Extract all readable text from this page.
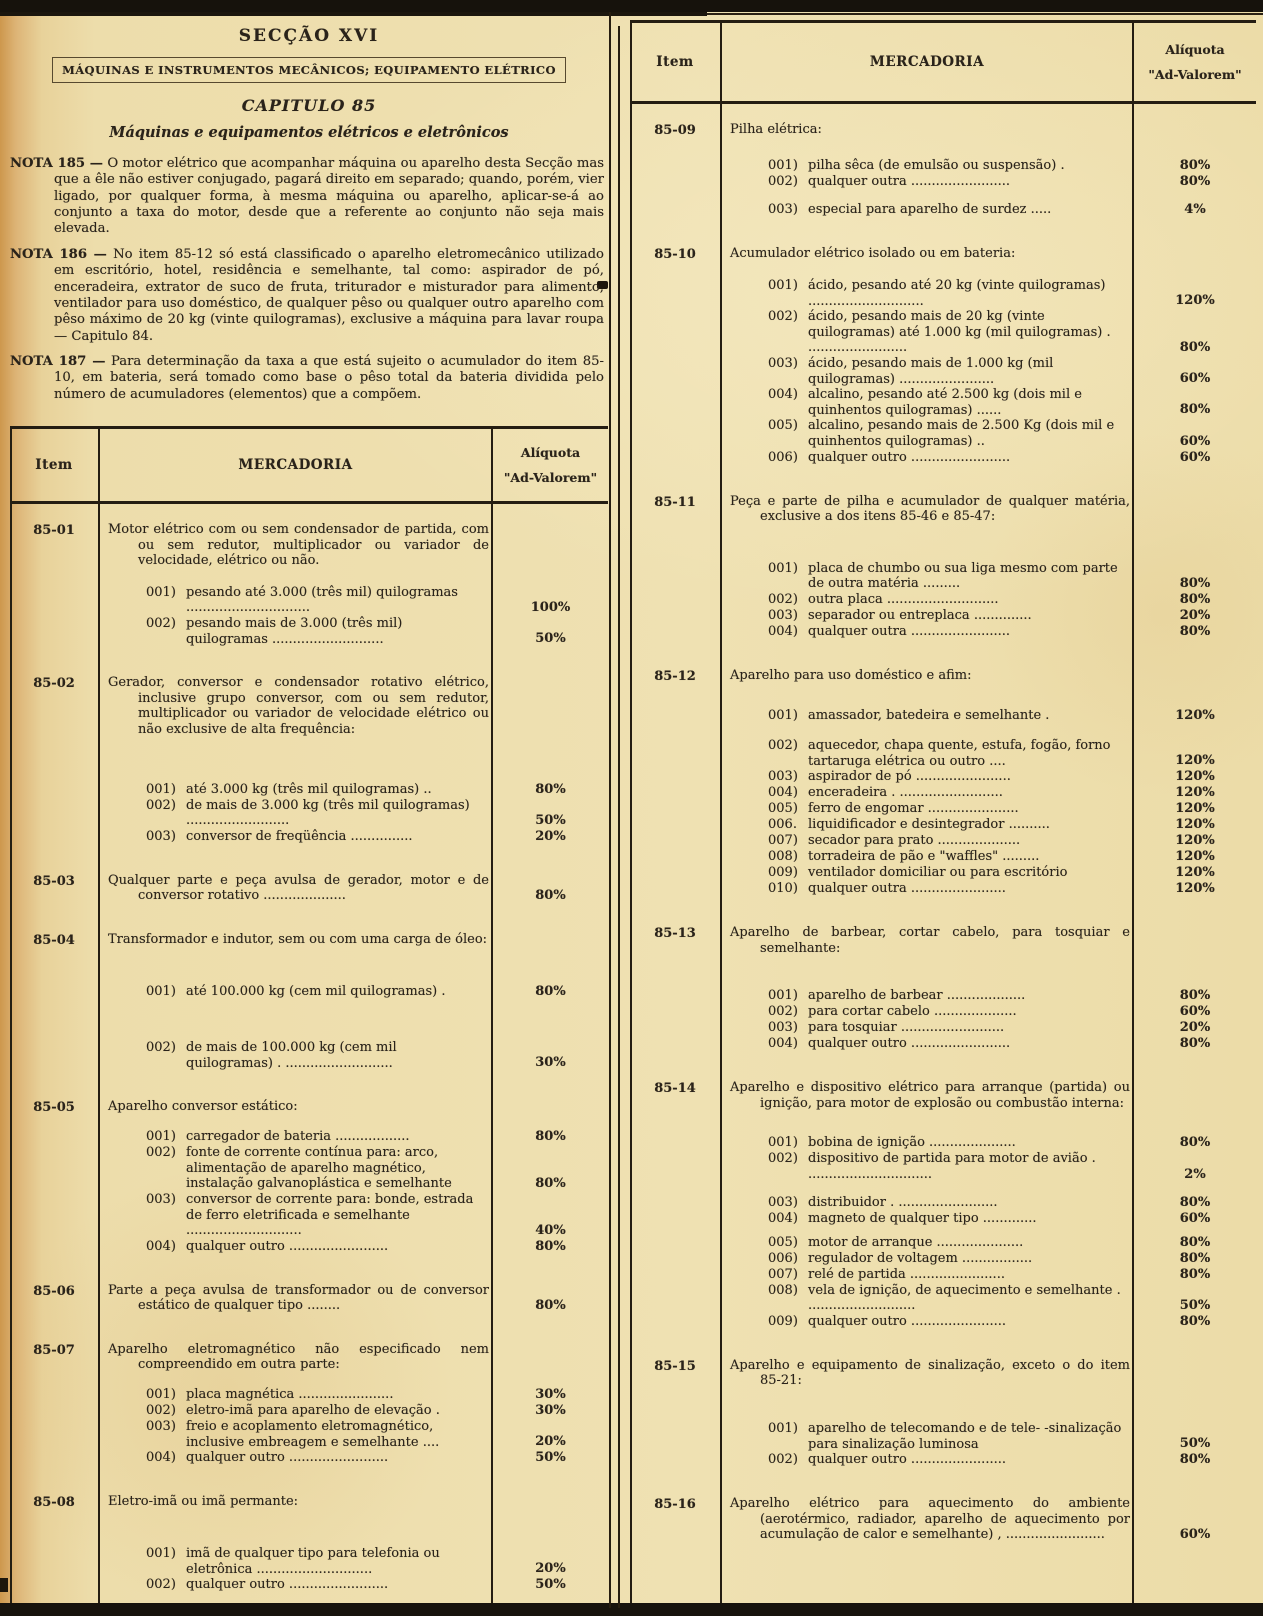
SECÇÃO XVI
MÁQUINAS E INSTRUMENTOS MECÂNICOS; EQUIPAMENTO ELÉTRICO
CAPITULO 85
Máquinas e equipamentos elétricos e eletrônicos

NOTA 185 — O motor elétrico que acompanhar máquina ou aparelho desta Secção mas que a êle não estiver conjugado, pagará direito em separado; quando, porém, vier ligado, por qualquer forma, à mesma máquina ou aparelho, aplicar-se-á ao conjunto a taxa do motor, desde que a referente ao conjunto não seja mais elevada.

NOTA 186 — No item 85-12 só está classificado o aparelho eletromecânico utilizado em escritório, hotel, residência e semelhante, tal como: aspirador de pó, enceradeira, extrator de suco de fruta, triturador e misturador para alimento, ventilador para uso doméstico, de qualquer pêso ou qualquer outro aparelho com pêso máximo de 20 kg (vinte quilogramas), exclusive a máquina para lavar roupa — Capitulo 84.

NOTA 187 — Para determinação da taxa a que está sujeito o acumulador do item 85-10, em bateria, será tomado como base o pêso total da bateria dividida pelo número de acumuladores (elementos) que a compõem.

Item	MERCADORIA
Alíquota
"Ad-Valorem"
85-01	Motor elétrico com ou sem condensador de partida, com ou sem redutor, multiplicador ou variador de velocidade, elétrico ou não.
001) pesando até 3.000 (três mil) quilogramas ..............................	100%
002) pesando mais de 3.000 (três mil) quilogramas ...........................	50%
85-02	Gerador, conversor e condensador rotativo elétrico, inclusive grupo conversor, com ou sem redutor, multiplicador ou variador de velocidade elétrico ou não exclusive de alta frequência:
001) até 3.000 kg (três mil quilogramas) ..	80%
002) de mais de 3.000 kg (três mil quilogramas) .........................	50%
003) conversor de freqüência ...............	20%
85-03	Qualquer parte e peça avulsa de gerador, motor e de conversor rotativo ....................	80%
85-04	Transformador e indutor, sem ou com uma carga de óleo:
001) até 100.000 kg (cem mil quilogramas) .	80%
002) de mais de 100.000 kg (cem mil quilogramas) . ..........................	30%
85-05	Aparelho conversor estático:
001) carregador de bateria ..................	80%
002) fonte de corrente contínua para: arco, alimentação de aparelho magnético, instalação galvanoplástica e semelhante	80%
003) conversor de corrente para: bonde, estrada de ferro eletrificada e semelhante ............................	40%
004) qualquer outro ........................	80%
85-06	Parte a peça avulsa de transformador ou de conversor estático de qualquer tipo ........	80%
85-07	Aparelho eletromagnético não especificado nem compreendido em outra parte:
001) placa magnética .......................	30%
002) eletro-imã para aparelho de elevação .	30%
003) freio e acoplamento eletromagnético, inclusive embreagem e semelhante ....	20%
004) qualquer outro ........................	50%
85-08	Eletro-imã ou imã permante:
001) imã de qualquer tipo para telefonia ou eletrônica ............................	20%
002) qualquer outro ........................	50%
Item	MERCADORIA
Alíquota
"Ad-Valorem"
85-09	Pilha elétrica:
001) pilha sêca (de emulsão ou suspensão) .	80%
002) qualquer outra ........................	80%
003) especial para aparelho de surdez .....	4%
85-10	Acumulador elétrico isolado ou em bateria:
001) ácido, pesando até 20 kg (vinte quilogramas) ............................	120%
002) ácido, pesando mais de 20 kg (vinte quilogramas) até 1.000 kg (mil quilogramas) . ........................	80%
003) ácido, pesando mais de 1.000 kg (mil quilogramas) .......................	60%
004) alcalino, pesando até 2.500 kg (dois mil e quinhentos quilogramas) ......	80%
005) alcalino, pesando mais de 2.500 Kg (dois mil e quinhentos quilogramas) ..	60%
006) qualquer outro ........................	60%
85-11	Peça e parte de pilha e acumulador de qualquer matéria, exclusive a dos itens 85-46 e 85-47:
001) placa de chumbo ou sua liga mesmo com parte de outra matéria .........	80%
002) outra placa ...........................	80%
003) separador ou entreplaca ..............	20%
004) qualquer outra ........................	80%
85-12	Aparelho para uso doméstico e afim:
001) amassador, batedeira e semelhante .	120%
002) aquecedor, chapa quente, estufa, fogão, forno tartaruga elétrica ou outro ....	120%
003) aspirador de pó .......................	120%
004) enceradeira . .........................	120%
005) ferro de engomar ......................	120%
006. liquidificador e desintegrador ..........	120%
007) secador para prato ....................	120%
008) torradeira de pão e "waffles" .........	120%
009) ventilador domiciliar ou para escritório	120%
010) qualquer outra .......................	120%
85-13	Aparelho de barbear, cortar cabelo, para tosquiar e semelhante:
001) aparelho de barbear ...................	80%
002) para cortar cabelo ....................	60%
003) para tosquiar .........................	20%
004) qualquer outro ........................	80%
85-14	Aparelho e dispositivo elétrico para arranque (partida) ou ignição, para motor de explosão ou combustão interna:
001) bobina de ignição .....................	80%
002) dispositivo de partida para motor de avião . ..............................	2%
003) distribuidor . ........................	80%
004) magneto de qualquer tipo .............	60%
005) motor de arranque .....................	80%
006) regulador de voltagem .................	80%
007) relé de partida .......................	80%
008) vela de ignição, de aquecimento e semelhante . ..........................	50%
009) qualquer outro .......................	80%
85-15	Aparelho e equipamento de sinalização, exceto o do item 85-21:
001) aparelho de telecomando e de tele- -sinalização para sinalização luminosa	50%
002) qualquer outro .......................	80%
85-16	Aparelho elétrico para aquecimento do ambiente (aerotérmico, radiador, aparelho de aquecimento por acumulação de calor e semelhante) , ........................	60%
